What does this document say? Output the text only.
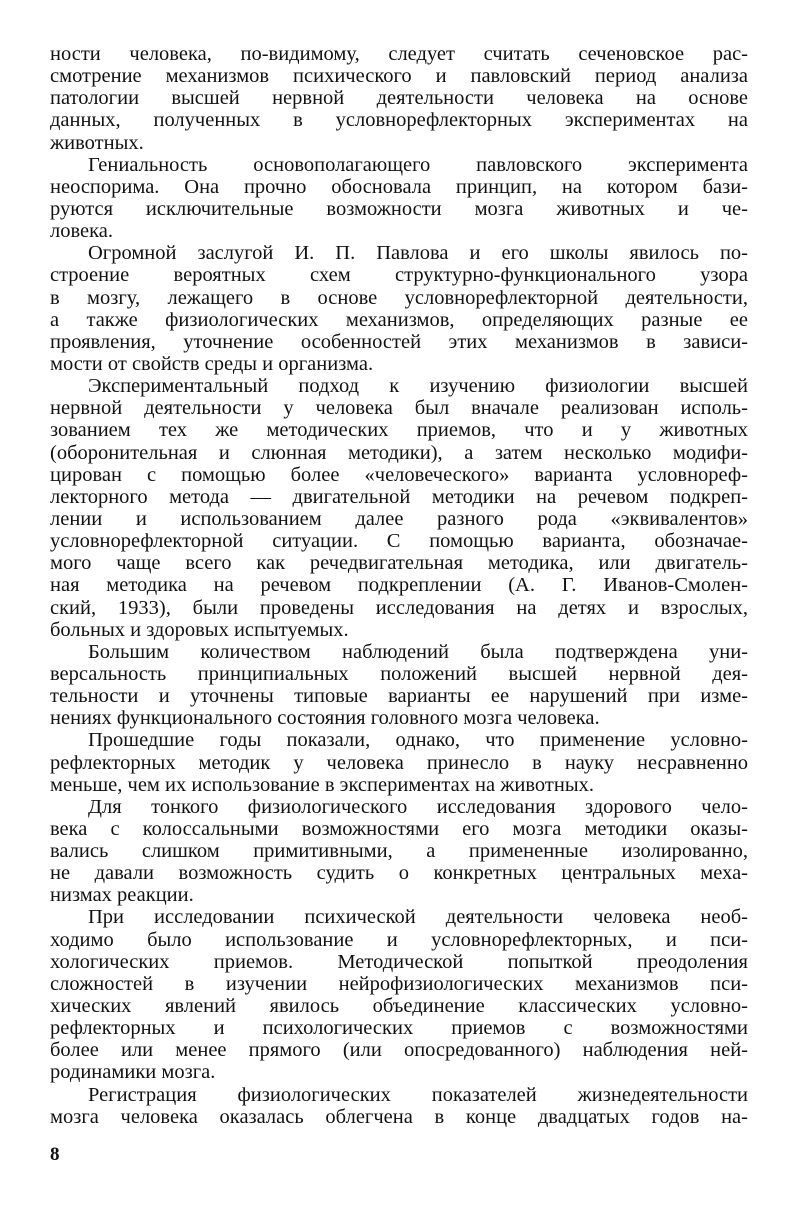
ности человека, по-видимому, следует считать сеченовское рас-
смотрение механизмов психического и павловский период анализа
патологии высшей нервной деятельности человека на основе
данных, полученных в условнорефлекторных экспериментах на
животных.
Гениальность основополагающего павловского эксперимента
неоспорима. Она прочно обосновала принцип, на котором бази-
руются исключительные возможности мозга животных и че-
ловека.
Огромной заслугой И. П. Павлова и его школы явилось по-
строение вероятных схем структурно-функционального узора
в мозгу, лежащего в основе условнорефлекторной деятельности,
а также физиологических механизмов, определяющих разные ее
проявления, уточнение особенностей этих механизмов в зависи-
мости от свойств среды и организма.
Экспериментальный подход к изучению физиологии высшей
нервной деятельности у человека был вначале реализован исполь-
зованием тех же методических приемов, что и у животных
(оборонительная и слюнная методики), а затем несколько модифи-
цирован с помощью более «человеческого» варианта условнореф-
лекторного метода — двигательной методики на речевом подкреп-
лении и использованием далее разного рода «эквивалентов»
условнорефлекторной ситуации. С помощью варианта, обозначае-
мого чаще всего как речедвигательная методика, или двигатель-
ная методика на речевом подкреплении (А. Г. Иванов-Смолен-
ский, 1933), были проведены исследования на детях и взрослых,
больных и здоровых испытуемых.
Большим количеством наблюдений была подтверждена уни-
версальность принципиальных положений высшей нервной дея-
тельности и уточнены типовые варианты ее нарушений при изме-
нениях функционального состояния головного мозга человека.
Прошедшие годы показали, однако, что применение условно-
рефлекторных методик у человека принесло в науку несравненно
меньше, чем их использование в экспериментах на животных.
Для тонкого физиологического исследования здорового чело-
века с колоссальными возможностями его мозга методики оказы-
вались слишком примитивными, а примененные изолированно,
не давали возможность судить о конкретных центральных меха-
низмах реакции.
При исследовании психической деятельности человека необ-
ходимо было использование и условнорефлекторных, и пси-
хологических приемов. Методической попыткой преодоления
сложностей в изучении нейрофизиологических механизмов пси-
хических явлений явилось объединение классических условно-
рефлекторных и психологических приемов с возможностями
более или менее прямого (или опосредованного) наблюдения ней-
родинамики мозга.
Регистрация физиологических показателей жизнедеятельности
мозга человека оказалась облегчена в конце двадцатых годов на-
8
